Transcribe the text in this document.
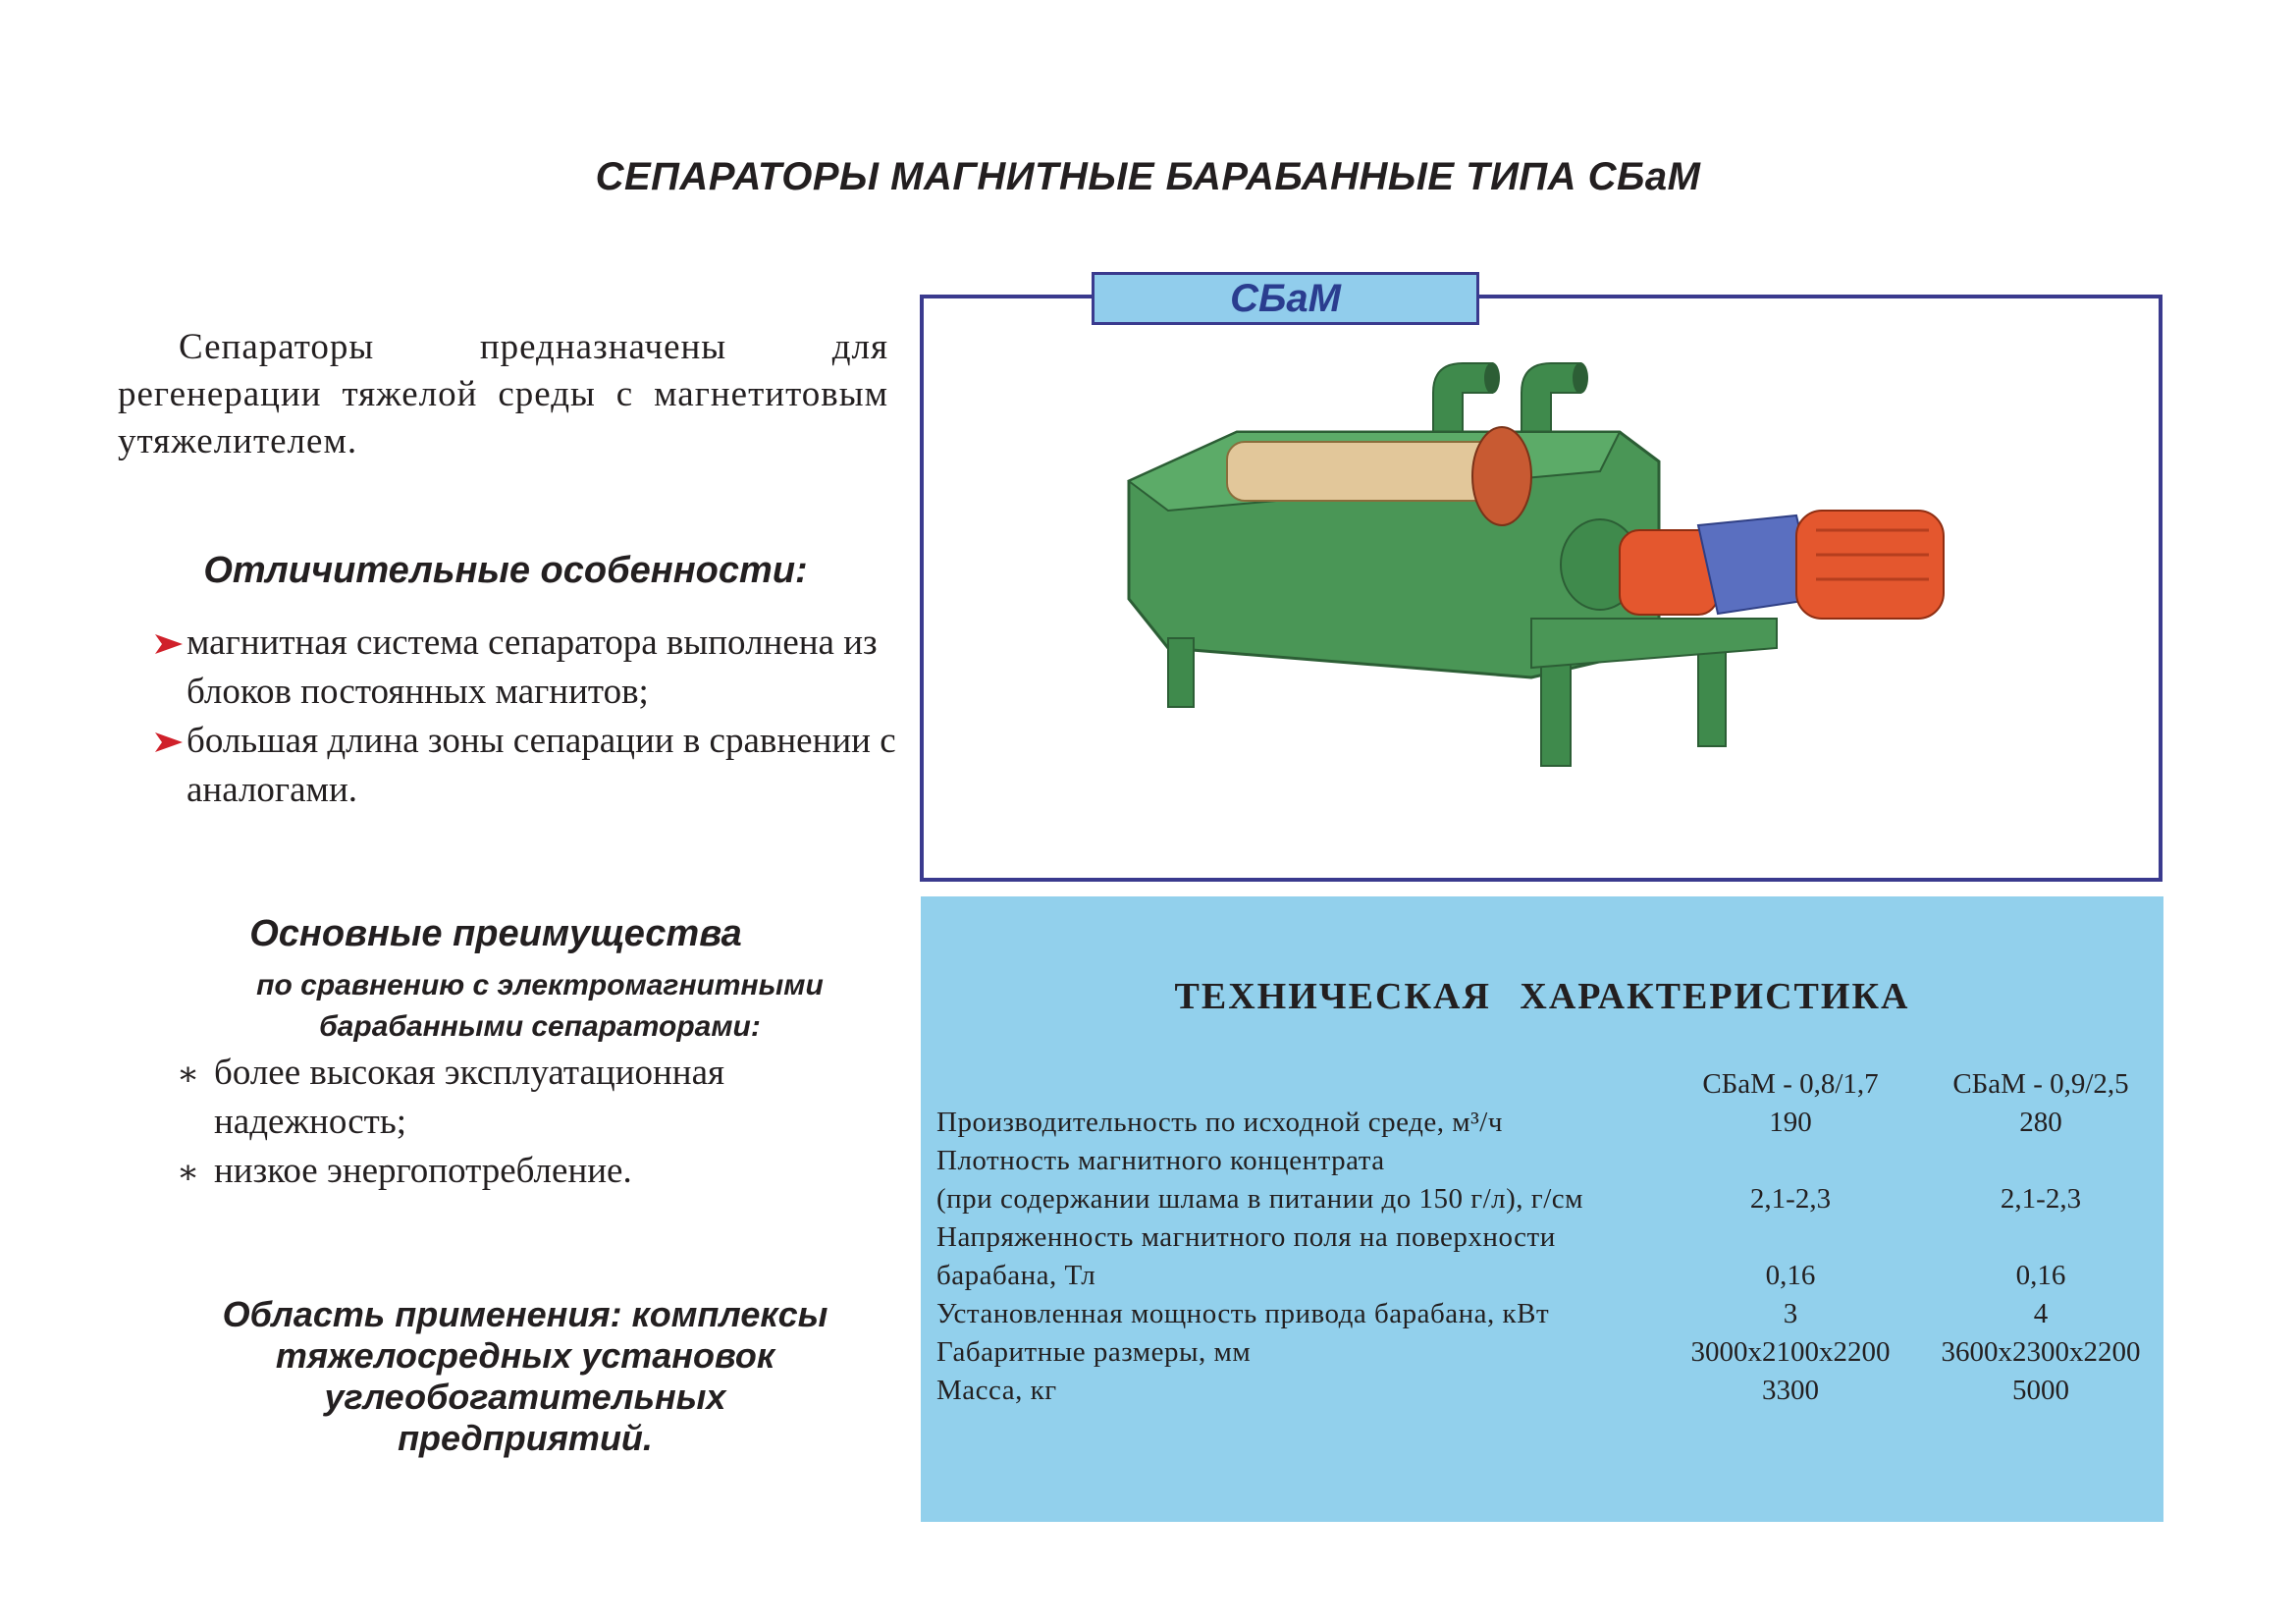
СЕПАРАТОРЫ МАГНИТНЫЕ БАРАБАННЫЕ ТИПА СБаМ
Сепараторы предназначены для регенерации тяжелой среды с магнетитовым утяжелителем.
Отличительные особенности:
магнитная система сепаратора выполнена из блоков постоянных магнитов;
большая длина зоны сепарации в сравнении с аналогами.
Основные преимущества
по сравнению с электромагнитными барабанными сепараторами:
∗ более высокая эксплуатационная надежность;
∗ низкое энергопотребление.
Область применения: комплексы тяжелосредных установок углеобогатительных предприятий.
СБаМ
ТЕХНИЧЕСКАЯ ХАРАКТЕРИСТИКА
	СБаМ - 0,8/1,7	СБаМ - 0,9/2,5
Производительность по исходной среде, м³/ч	190	280
Плотность магнитного концентрата		
(при содержании шлама в питании до 150 г/л), г/см	2,1-2,3	2,1-2,3
Напряженность магнитного поля на поверхности		
барабана, Тл	0,16	0,16
Установленная мощность привода барабана, кВт	3	4
Габаритные размеры, мм	3000x2100x2200	3600x2300x2200
Масса, кг	3300	5000
